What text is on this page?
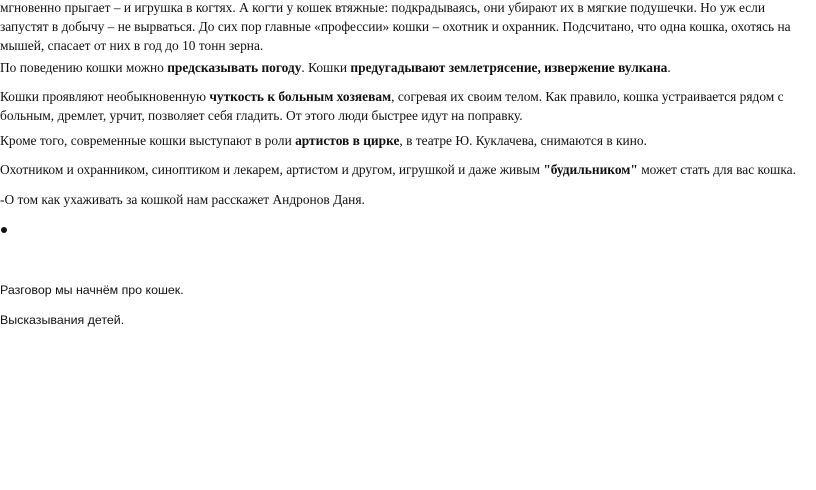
мгновенно прыгает – и игрушка в когтях. А когти у кошек втяжные: подкрадываясь, они убирают их в мягкие подушечки. Но уж если запустят в добычу – не вырваться. До сих пор главные «профессии» кошки – охотник и охранник. Подсчитано, что одна кошка, охотясь на мышей, спасает от них в год до 10 тонн зерна.

По поведению кошки можно предсказывать погоду. Кошки предугадывают землетрясение, извержение вулкана.

Кошки проявляют необыкновенную чуткость к больным хозяевам, согревая их своим телом. Как правило, кошка устраивается рядом с больным, дремлет, урчит, позволяет себя гладить. От этого люди быстрее идут на поправку.

Кроме того, современные кошки выступают в роли артистов в цирке, в театре Ю. Куклачева, снимаются в кино.

Охотником и охранником, синоптиком и лекарем, артистом и другом, игрушкой и даже живым "будильником" может стать для вас кошка.

-О том как ухаживать за кошкой нам расскажет Андронов Даня.

Разговор мы начнём про кошек.

Высказывания детей.
